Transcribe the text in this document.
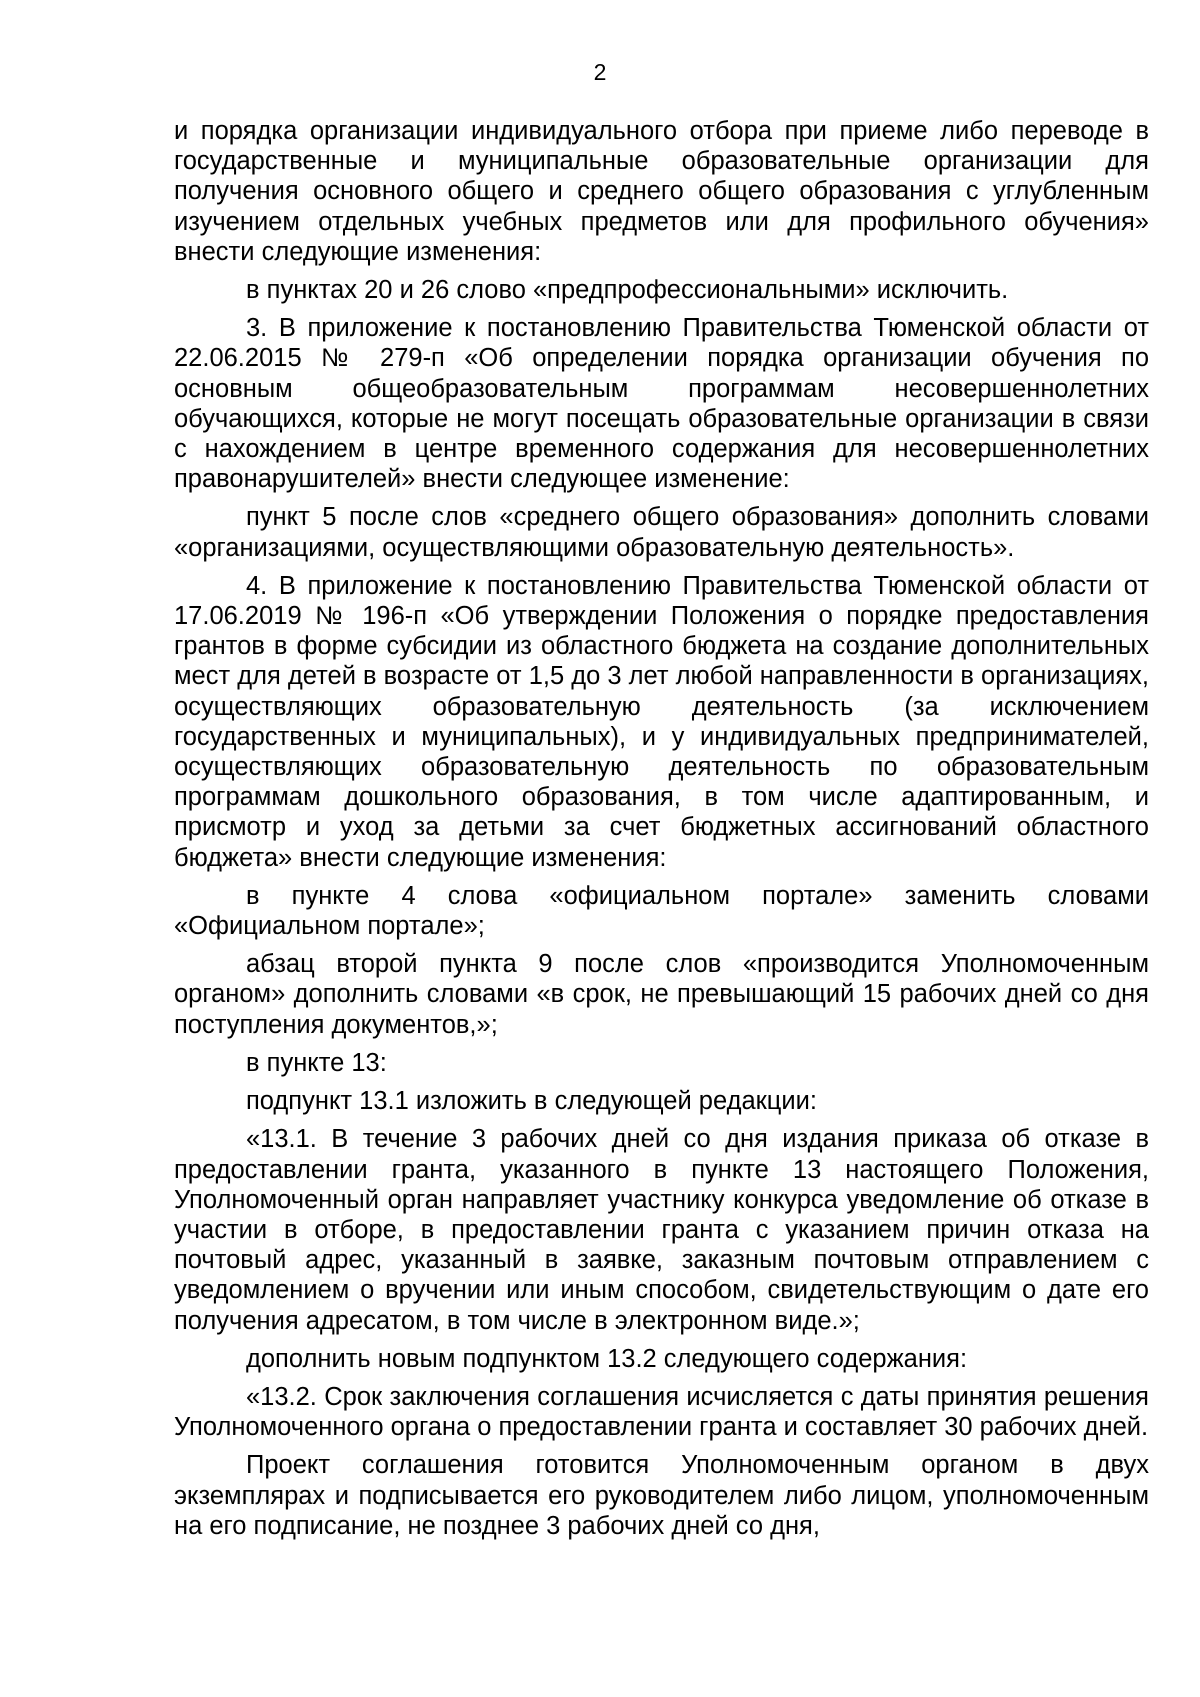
2

и порядка организации индивидуального отбора при приеме либо переводе в государственные и муниципальные образовательные организации для получения основного общего и среднего общего образования с углубленным изучением отдельных учебных предметов или для профильного обучения» внести следующие изменения:

в пунктах 20 и 26 слово «предпрофессиональными» исключить.

3. В приложение к постановлению Правительства Тюменской области от 22.06.2015 № 279-п «Об определении порядка организации обучения по основным общеобразовательным программам несовершеннолетних обучающихся, которые не могут посещать образовательные организации в связи с нахождением в центре временного содержания для несовершеннолетних правонарушителей» внести следующее изменение:

пункт 5 после слов «среднего общего образования» дополнить словами «организациями, осуществляющими образовательную деятельность».

4. В приложение к постановлению Правительства Тюменской области от 17.06.2019 № 196-п «Об утверждении Положения о порядке предоставления грантов в форме субсидии из областного бюджета на создание дополнительных мест для детей в возрасте от 1,5 до 3 лет любой направленности в организациях, осуществляющих образовательную деятельность (за исключением государственных и муниципальных), и у индивидуальных предпринимателей, осуществляющих образовательную деятельность по образовательным программам дошкольного образования, в том числе адаптированным, и присмотр и уход за детьми за счет бюджетных ассигнований областного бюджета» внести следующие изменения:

в пункте 4 слова «официальном портале» заменить словами «Официальном портале»;

абзац второй пункта 9 после слов «производится Уполномоченным органом» дополнить словами «в срок, не превышающий 15 рабочих дней со дня поступления документов,»;

в пункте 13:

подпункт 13.1 изложить в следующей редакции:

«13.1. В течение 3 рабочих дней со дня издания приказа об отказе в предоставлении гранта, указанного в пункте 13 настоящего Положения, Уполномоченный орган направляет участнику конкурса уведомление об отказе в участии в отборе, в предоставлении гранта с указанием причин отказа на почтовый адрес, указанный в заявке, заказным почтовым отправлением с уведомлением о вручении или иным способом, свидетельствующим о дате его получения адресатом, в том числе в электронном виде.»;

дополнить новым подпунктом 13.2 следующего содержания:

«13.2. Срок заключения соглашения исчисляется с даты принятия решения Уполномоченного органа о предоставлении гранта и составляет 30 рабочих дней.

Проект соглашения готовится Уполномоченным органом в двух экземплярах и подписывается его руководителем либо лицом, уполномоченным на его подписание, не позднее 3 рабочих дней со дня,
